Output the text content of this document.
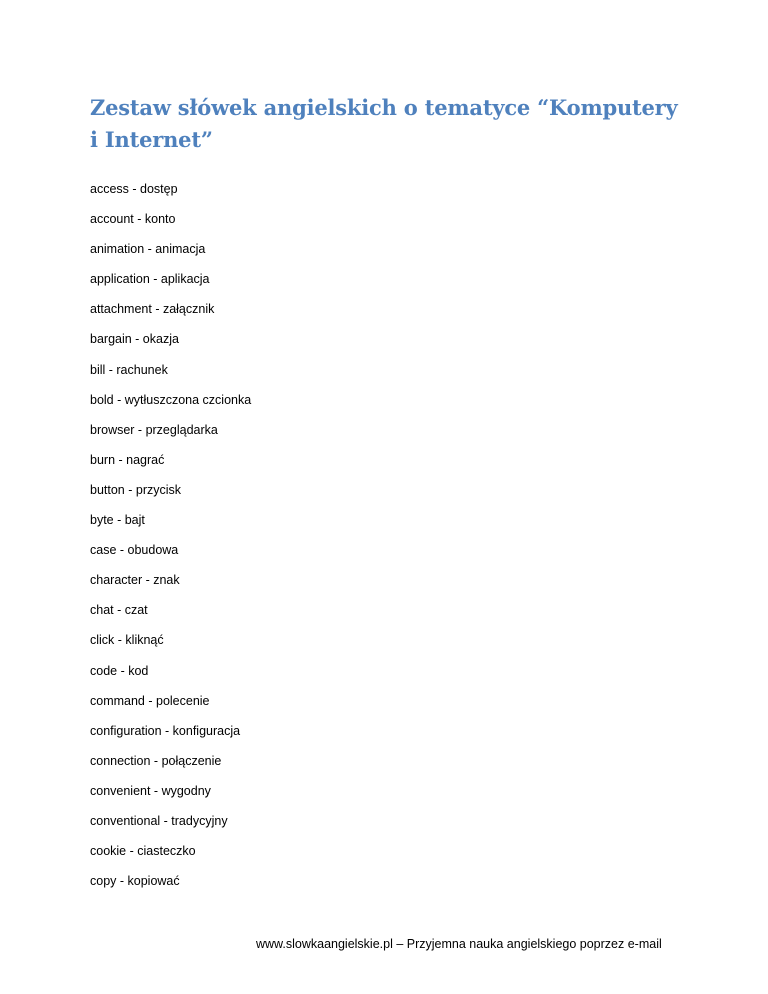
Zestaw słówek angielskich o tematyce “Komputery i Internet”
access - dostęp
account - konto
animation - animacja
application - aplikacja
attachment - załącznik
bargain - okazja
bill - rachunek
bold - wytłuszczona czcionka
browser - przeglądarka
burn - nagrać
button - przycisk
byte - bajt
case - obudowa
character - znak
chat - czat
click - kliknąć
code - kod
command - polecenie
configuration - konfiguracja
connection - połączenie
convenient - wygodny
conventional - tradycyjny
cookie - ciasteczko
copy - kopiować
www.slowkaangielskie.pl – Przyjemna nauka angielskiego poprzez e-mail
